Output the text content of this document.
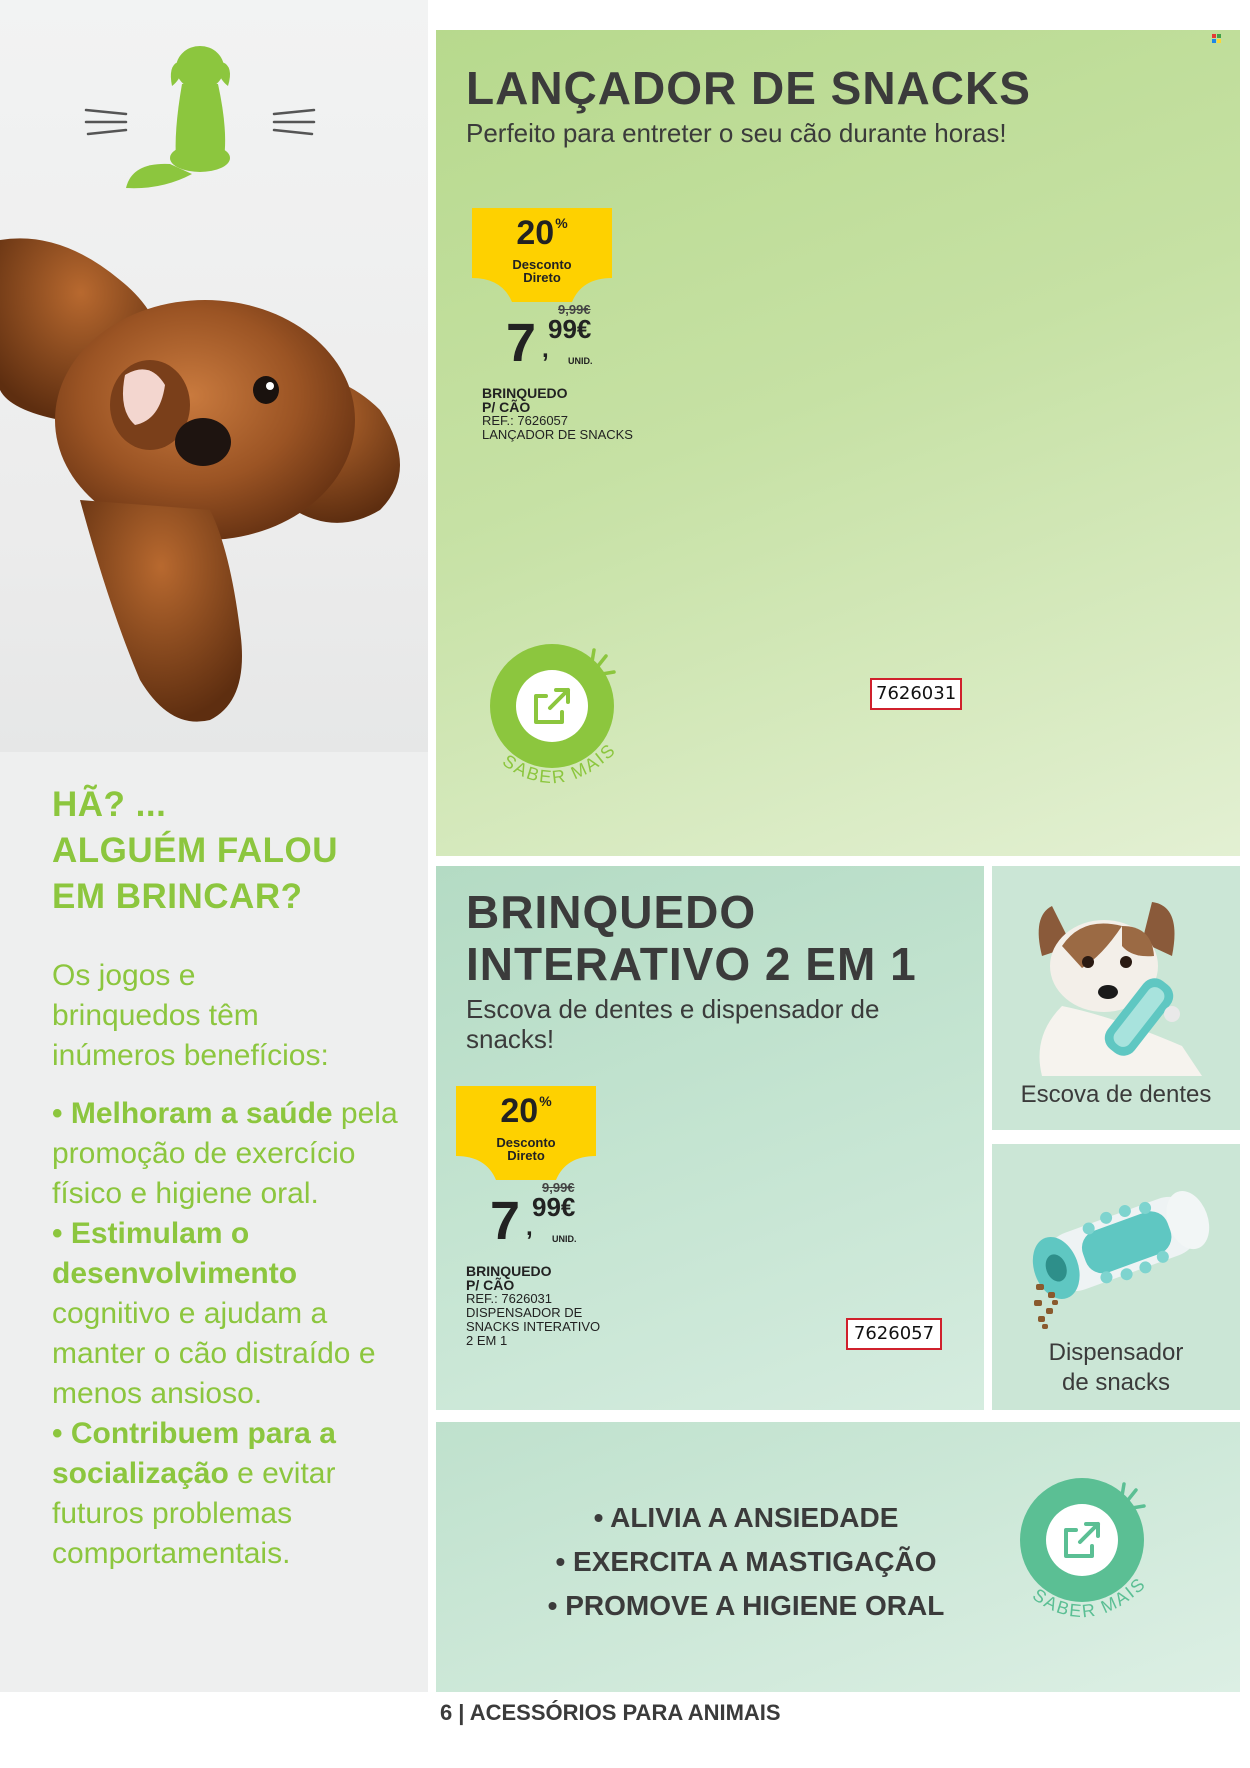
HÃ? ...
ALGUÉM FALOU
EM BRINCAR?
Os jogos e
brinquedos têm
inúmeros benefícios:

• Melhoram a saúde pela promoção de exercício físico e higiene oral.

• Estimulam o desenvolvimento cognitivo e ajudam a manter o cão distraído e menos ansioso.

• Contribuem para a socialização e evitar futuros problemas comportamentais.

LANÇADOR DE SNACKS
Perfeito para entreter o seu cão durante horas!
20%
Desconto
Direto
9,99€
7 ,
99€
UNID.
BRINQUEDO
P/ CÃO
REF.: 7626057
LANÇADOR DE SNACKS
7626031
SABER MAIS
BRINQUEDO
INTERATIVO 2 EM 1
Escova de dentes e dispensador de
snacks!
20%
Desconto
Direto
9,99€
7 ,
99€
UNID.
BRINQUEDO
P/ CÃO
REF.: 7626031
DISPENSADOR DE
SNACKS INTERATIVO
2 EM 1	7626057
Escova de dentes
Dispensador
de snacks
• ALIVIA A ANSIEDADE
• EXERCITA A MASTIGAÇÃO
• PROMOVE A HIGIENE ORAL	SABER MAIS
6 | ACESSÓRIOS PARA ANIMAIS
